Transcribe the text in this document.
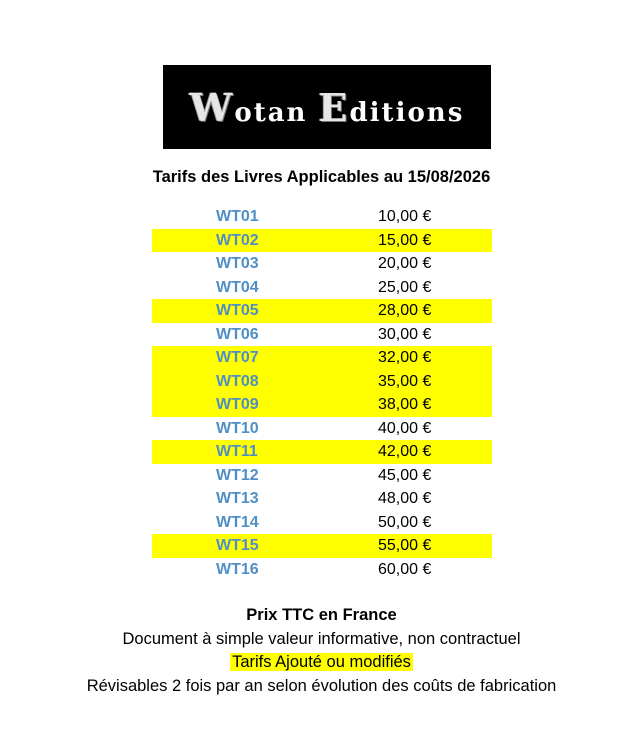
Wotan Editions
Tarifs des Livres Applicables au 15/08/2026
WT01	10,00 €
WT02	15,00 €
WT03	20,00 €
WT04	25,00 €
WT05	28,00 €
WT06	30,00 €
WT07	32,00 €
WT08	35,00 €
WT09	38,00 €
WT10	40,00 €
WT11	42,00 €
WT12	45,00 €
WT13	48,00 €
WT14	50,00 €
WT15	55,00 €
WT16	60,00 €
Prix TTC en France
Document à simple valeur informative, non contractuel
Tarifs Ajouté ou modifiés
Révisables 2 fois par an selon évolution des coûts de fabrication
